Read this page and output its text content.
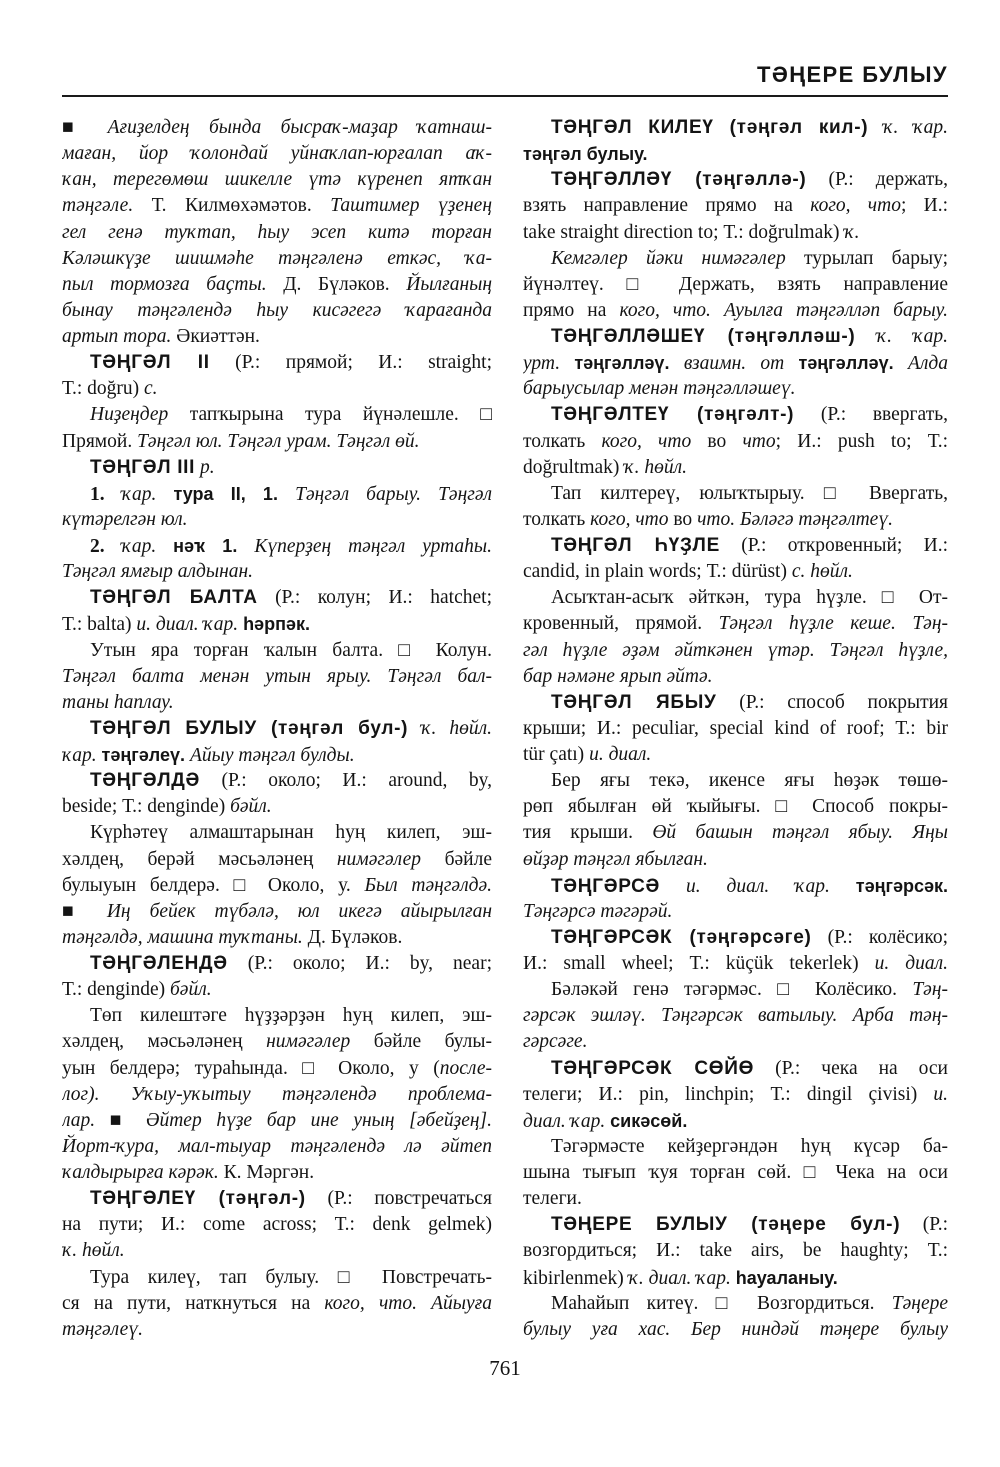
ТӘҢЕРЕ БУЛЫУ
■ Ағиҙелдең бында бысраҡ-маҙар ҡатнаш-
маған, йор ҡолондай уйнаҡлап-юрғалап аҡ-
ҡан, терегөмөш шикелле үтә күренеп ятҡан
тәңгәле. Т. Килмөхәмәтов. Таштимер үҙенең
гел генә туҡтап, һыу эсеп китә торған
Кәләшкүҙе шишмәһе тәңгәленә еткәс, ҡа-
пыл тормозға баҫты. Д. Бүләков. Йылғаның
бынау тәңгәлендә һыу кисәгегә ҡарағанда
артып тора. Әкиәттән.
ТӘҢГӘЛ II (Р.: прямой; И.: straight;
Т.: doğru) с.
Ниҙеңдер тапҡырына тура йүнәлешле. □
Прямой. Тәңгәл юл. Тәңгәл урам. Тәңгәл өй.
ТӘҢГӘЛ III р.
1. ҡар. тура II, 1. Тәңгәл барыу. Тәңгәл
күтәрелгән юл.
2. ҡар. нәҡ 1. Күперҙең тәңгәл уртаһы.
Тәңгәл ямғыр алдынан.
ТӘҢГӘЛ БАЛТА (Р.: колун; И.: hatchet;
Т.: balta) и. диал. ҡар. һәрпәк.
Утын яра торған ҡалын балта. □ Колун.
Тәңгәл балта менән утын ярыу. Тәңгәл бал-
таны һаплау.
ТӘҢГӘЛ БУЛЫУ (тәңгәл бул-) ҡ. һөйл.
ҡар. тәңгәлеү. Айыу тәңгәл булды.
ТӘҢГӘЛДӘ (Р.: около; И.: around, by,
beside; Т.: denginde) бәйл.
Күрһәтеү алмаштарынан һуң килеп, эш-
хәлдең, берәй мәсьәләнең нимәгәлер бәйле
булыуын белдерә. □ Около, у. Был тәңгәлдә.
■ Иң бейек түбәлә, юл икегә айырылған
тәңгәлдә, машина туҡтаны. Д. Бүләков.
ТӘҢГӘЛЕНДӘ (Р.: около; И.: by, near;
Т.: denginde) бәйл.
Төп килештәге һүҙҙәрҙән һуң килеп, эш-
хәлдең, мәсьәләнең нимәгәлер бәйле булы-
уын белдерә; тураһында. □ Около, у (после-
лог). Уҡыу-уҡытыу тәңгәлендә проблема-
лар. ■ Әйтер һүҙе бар ине уның [әбейҙең].
Йорт-ҡура, мал-тыуар тәңгәлендә лә әйтеп
ҡалдырырға кәрәк. К. Мәргән.
ТӘҢГӘЛЕҮ (тәңгәл-) (Р.: повстречаться
на пути; И.: come across; Т.: denk gelmek)
ҡ. һөйл.
Тура килеү, тап булыу. □ Повстречать-
ся на пути, наткнуться на кого, что. Айыуға
тәңгәлеү.
ТӘҢГӘЛ КИЛЕҮ (тәңгәл кил-) ҡ. ҡар.
тәңгәл булыу.
ТӘҢГӘЛЛӘҮ (тәңгәллә-) (Р.: держать,
взять направление прямо на кого, что; И.:
take straight direction to; Т.: doğrulmak) ҡ.
Кемгәлер йәки нимәгәлер турылап барыу;
йүнәлтеү. □ Держать, взять направление
прямо на кого, что. Ауылға тәңгәлләп барыу.
ТӘҢГӘЛЛӘШЕҮ (тәңгәлләш-) ҡ. ҡар.
урт. тәңгәлләү. взаимн. от тәңгәлләү. Алда
барыусылар менән тәңгәлләшеү.
ТӘҢГӘЛТЕҮ (тәңгәлт-) (Р.: ввергать,
толкать кого, что во что; И.: push to; Т.:
doğrultmak) ҡ. һөйл.
Тап килтереү, юлыҡтырыу. □ Ввергать,
толкать кого, что во что. Бәләгә тәңгәлтеү.
ТӘҢГӘЛ ҺҮҘЛЕ (Р.: откровенный; И.:
candid, in plain words; Т.: dürüst) с. һөйл.
Асыҡтан-асыҡ әйткән, тура һүҙле. □ От-
кровенный, прямой. Тәңгәл һүҙле кеше. Тәң-
гәл һүҙле әҙәм әйткәнен үтәр. Тәңгәл һүҙле,
бар нәмәне ярып әйтә.
ТӘҢГӘЛ ЯБЫУ (Р.: способ покрытия
крыши; И.: peculiar, special kind of roof; Т.: bir
tür çatı) и. диал.
Бер яғы текә, икенсе яғы һөҙәк төшө-
рөп ябылған өй ҡыйығы. □ Способ покры-
тия крыши. Өй башын тәңгәл ябыу. Яңы
өйҙәр тәңгәл ябылған.
ТӘҢГӘРСӘ и. диал. ҡар. тәңгәрсәк.
Тәңгәрсә тәгәрәй.
ТӘҢГӘРСӘК (тәңгәрсәге) (Р.: колёсико;
И.: small wheel; Т.: küçük tekerlek) и. диал.
Бәләкәй генә тәгәрмәс. □ Колёсико. Тәң-
гәрсәк эшләү. Тәңгәрсәк ватылыу. Арба тәң-
гәрсәге.
ТӘҢГӘРСӘК СӨЙӨ (Р.: чека на оси
телеги; И.: pin, linchpin; Т.: dingil çivisi) и.
диал. ҡар. сикәсөй.
Тәгәрмәсте кейҙергәндән һуң күсәр ба-
шына тығып ҡуя торған сөй. □ Чека на оси
телеги.
ТӘҢЕРЕ БУЛЫУ (тәңере бул-) (Р.:
возгордиться; И.: take airs, be haughty; Т.:
kibirlenmek) ҡ. диал. ҡар. һауаланыу.
Маһайып китеү. □ Возгордиться. Тәңере
булыу уға хас. Бер ниндәй тәңере булыу
761
